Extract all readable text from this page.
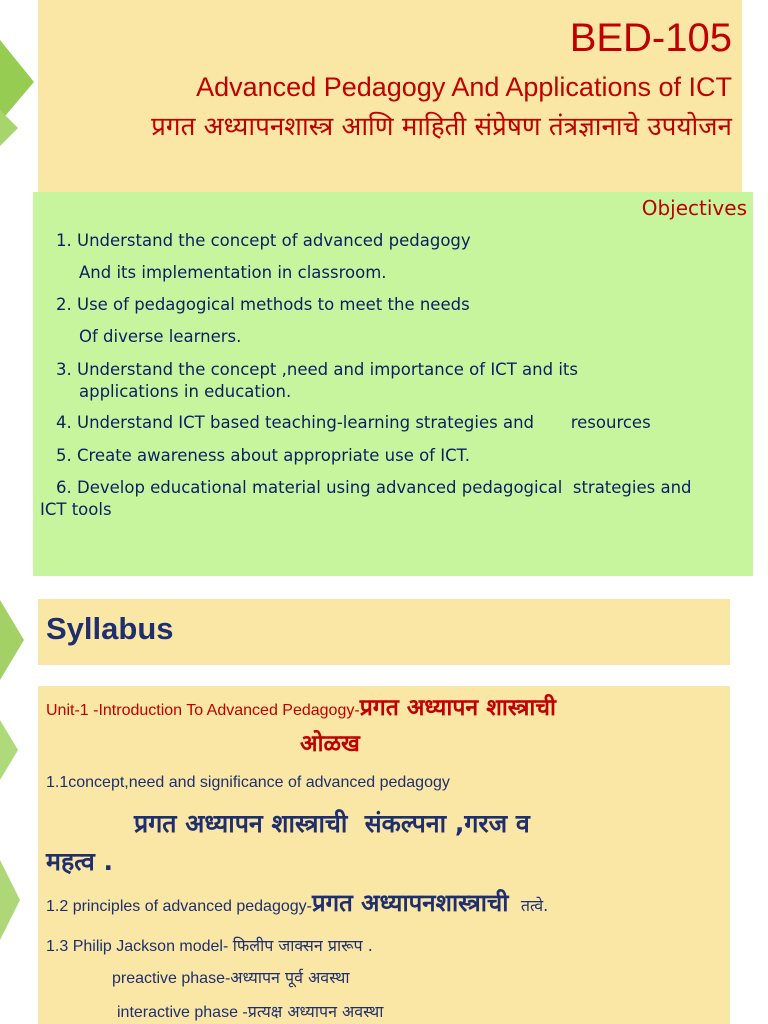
BED-105
Advanced Pedagogy And Applications of ICT
प्रगत अध्यापनशास्त्र आणि माहिती संप्रेषण तंत्रज्ञानाचे उपयोजन
Objectives
1. Understand the concept of advanced pedagogy
And its implementation in classroom.
2. Use of pedagogical methods to meet the needs
Of diverse learners.
3. Understand the concept ,need and importance of ICT and its
applications in education.
4. Understand ICT based teaching-learning strategies and       resources
5. Create awareness about appropriate use of ICT.
6. Develop educational material using advanced pedagogical  strategies and
ICT tools
Syllabus
Unit-1 -Introduction To Advanced Pedagogy-प्रगत अध्यापन शास्त्राची
ओळख
1.1concept,need and significance of advanced pedagogy
प्रगत अध्यापन शास्त्राची  संकल्पना ,गरज व
महत्व .
1.2 principles of advanced pedagogy-प्रगत अध्यापनशास्त्राची तत्वे.
1.3 Philip Jackson model- फिलीप जाक्सन प्रारूप .
preactive phase-अध्यापन पूर्व अवस्था
interactive phase -प्रत्यक्ष अध्यापन अवस्था
